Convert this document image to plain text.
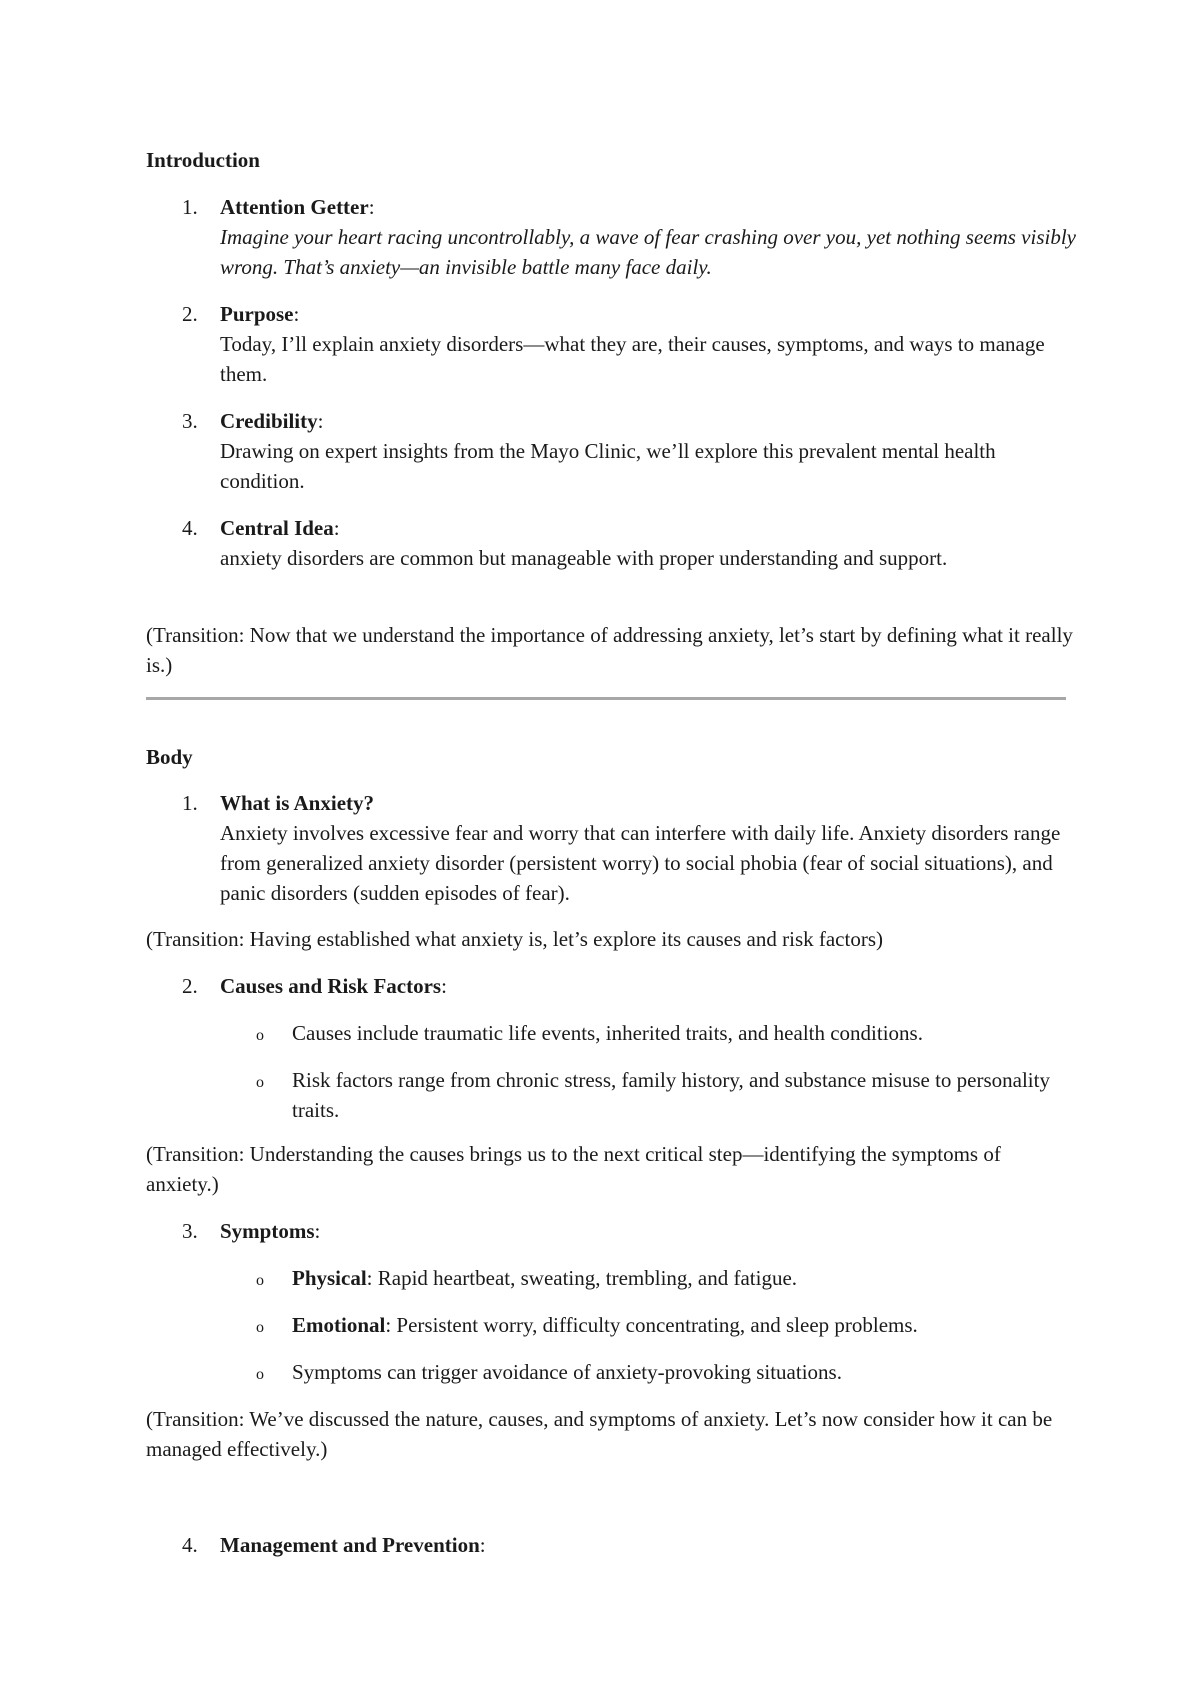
Introduction

1.	Attention Getter:
Imagine your heart racing uncontrollably, a wave of fear crashing over you, yet nothing seems visibly wrong. That’s anxiety—an invisible battle many face daily.
2.	Purpose:
Today, I’ll explain anxiety disorders—what they are, their causes, symptoms, and ways to manage them.
3.	Credibility:
Drawing on expert insights from the Mayo Clinic, we’ll explore this prevalent mental health condition.
4.	Central Idea:
anxiety disorders are common but manageable with proper understanding and support.

(Transition: Now that we understand the importance of addressing anxiety, let’s start by defining what it really is.)

Body

1.	What is Anxiety?
Anxiety involves excessive fear and worry that can interfere with daily life. Anxiety disorders range from generalized anxiety disorder (persistent worry) to social phobia (fear of social situations), and panic disorders (sudden episodes of fear).

(Transition: Having established what anxiety is, let’s explore its causes and risk factors)

2.	Causes and Risk Factors:
o Causes include traumatic life events, inherited traits, and health conditions.
o Risk factors range from chronic stress, family history, and substance misuse to personality traits.

(Transition: Understanding the causes brings us to the next critical step—identifying the symptoms of anxiety.)

3.	Symptoms:
o Physical: Rapid heartbeat, sweating, trembling, and fatigue.
o Emotional: Persistent worry, difficulty concentrating, and sleep problems.
o Symptoms can trigger avoidance of anxiety-provoking situations.

(Transition: We’ve discussed the nature, causes, and symptoms of anxiety. Let’s now consider how it can be managed effectively.)

4.	Management and Prevention:
